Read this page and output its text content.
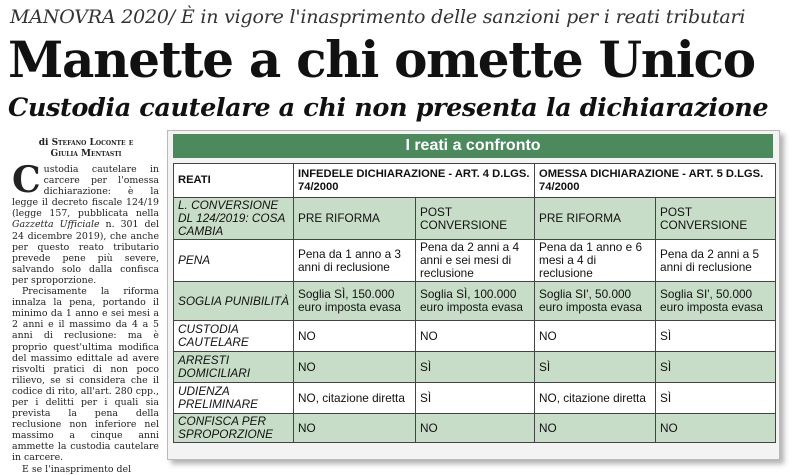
MANOVRA 2020/ È in vigore l'inasprimento delle sanzioni per i reati tributari
Manette a chi omette Unico
Custodia cautelare a chi non presenta la dichiarazione
di Stefano Loconte e
Giulia Mentasti

Custodia cautelare in carcere per l'omessa dichiarazione: è la legge il decreto fiscale 124/19 (legge 157, pubblicata nella Gazzetta Ufficiale n. 301 del 24 dicembre 2019), che anche per questo reato tributario prevede pene più severe, salvando solo dalla confisca per sproporzione.

Precisamente la riforma innalza la pena, portando il minimo da 1 anno e sei mesi a 2 anni e il massimo da 4 a 5 anni di reclusione: ma è proprio quest'ultima modifica del massimo edittale ad avere risvolti pratici di non poco rilievo, se si considera che il codice di rito, all'art. 280 cpp., per i delitti per i quali sia prevista la pena della reclusione non inferiore nel massimo a cinque anni ammette la custodia cautelare in carcere.

E se l'inasprimento del

I reati a confronto
REATI	INFEDELE DICHIARAZIONE - ART. 4 D.LGS. 74/2000		OMESSA DICHIARAZIONE - ART. 5 D.LGS. 74/2000	
L. CONVERSIONE DL 124/2019: COSA CAMBIA	PRE RIFORMA	POST CONVERSIONE	PRE RIFORMA	POST CONVERSIONE
PENA	Pena da 1 anno a 3 anni di reclusione	Pena da 2 anni a 4 anni e sei mesi di reclusione	Pena da 1 anno e 6 mesi a 4 di reclusione	Pena da 2 anni a 5 anni di reclusione
SOGLIA PUNIBILITÀ	Soglia SÌ, 150.000 euro imposta evasa	Soglia SÌ, 100.000 euro imposta evasa	Soglia SI', 50.000 euro imposta evasa	Soglia SI', 50.000 euro imposta evasa
CUSTODIA CAUTELARE	NO	NO	NO	SÌ
ARRESTI DOMICILIARI	NO	SÌ	SÌ	SÌ
UDIENZA PRELIMINARE	NO, citazione diretta	SÌ	NO, citazione diretta	SÌ
CONFISCA PER SPROPORZIONE	NO	NO	NO	NO
